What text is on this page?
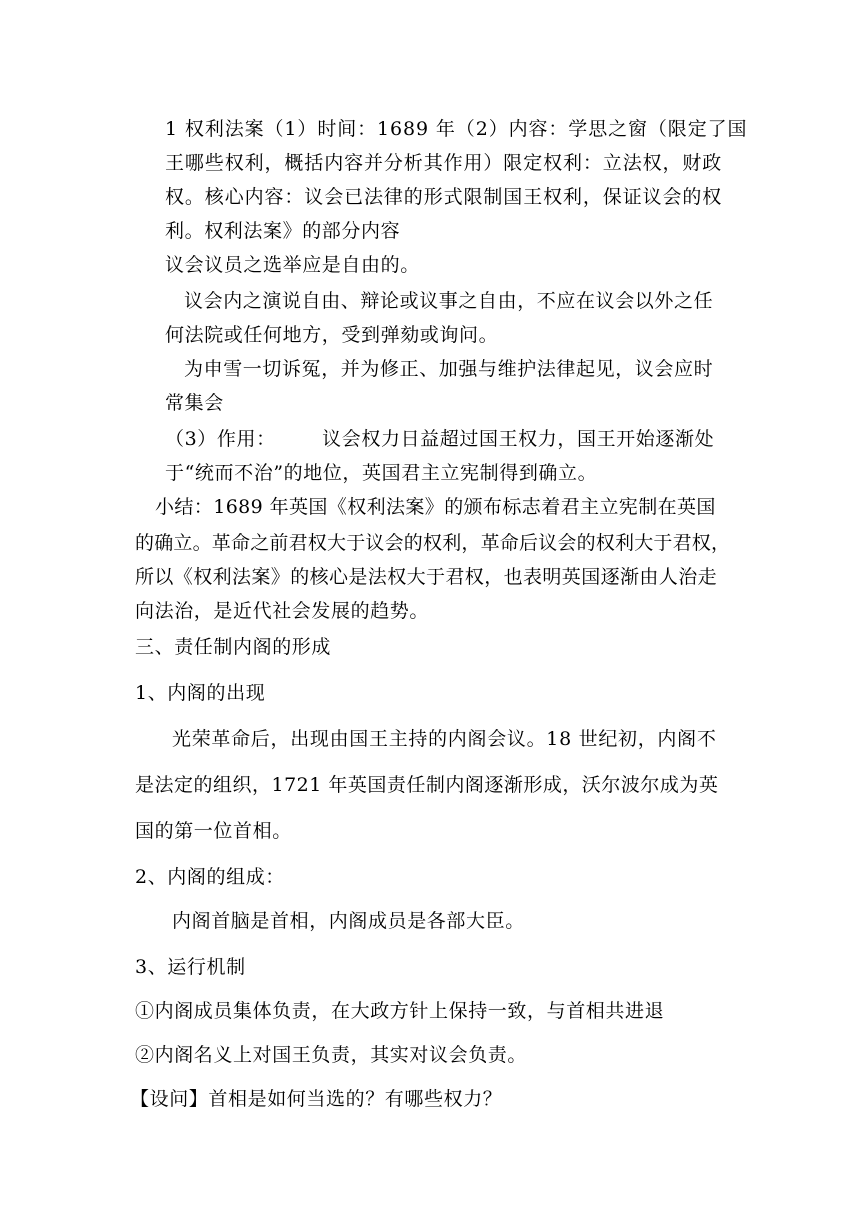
1 权利法案（1）时间：1689 年（2）内容：学思之窗（限定了国
王哪些权利，概括内容并分析其作用）限定权利：立法权，财政
权。核心内容：议会已法律的形式限制国王权利，保证议会的权
利。权利法案》的部分内容
议会议员之选举应是自由的。
议会内之演说自由、辩论或议事之自由，不应在议会以外之任
何法院或任何地方，受到弹劾或询问。
为申雪一切诉冤，并为修正、加强与维护法律起见，议会应时
常集会
（3）作用：       议会权力日益超过国王权力，国王开始逐渐处
于“统而不治”的地位，英国君主立宪制得到确立。
小结：1689 年英国《权利法案》的颁布标志着君主立宪制在英国
的确立。革命之前君权大于议会的权利，革命后议会的权利大于君权，
所以《权利法案》的核心是法权大于君权，也表明英国逐渐由人治走
向法治，是近代社会发展的趋势。
三、责任制内阁的形成
1、内阁的出现
光荣革命后，出现由国王主持的内阁会议。18 世纪初，内阁不
是法定的组织，1721 年英国责任制内阁逐渐形成，沃尔波尔成为英
国的第一位首相。
2、内阁的组成：
内阁首脑是首相，内阁成员是各部大臣。
3、运行机制
①内阁成员集体负责，在大政方针上保持一致，与首相共进退
②内阁名义上对国王负责，其实对议会负责。
【设问】首相是如何当选的？有哪些权力？
